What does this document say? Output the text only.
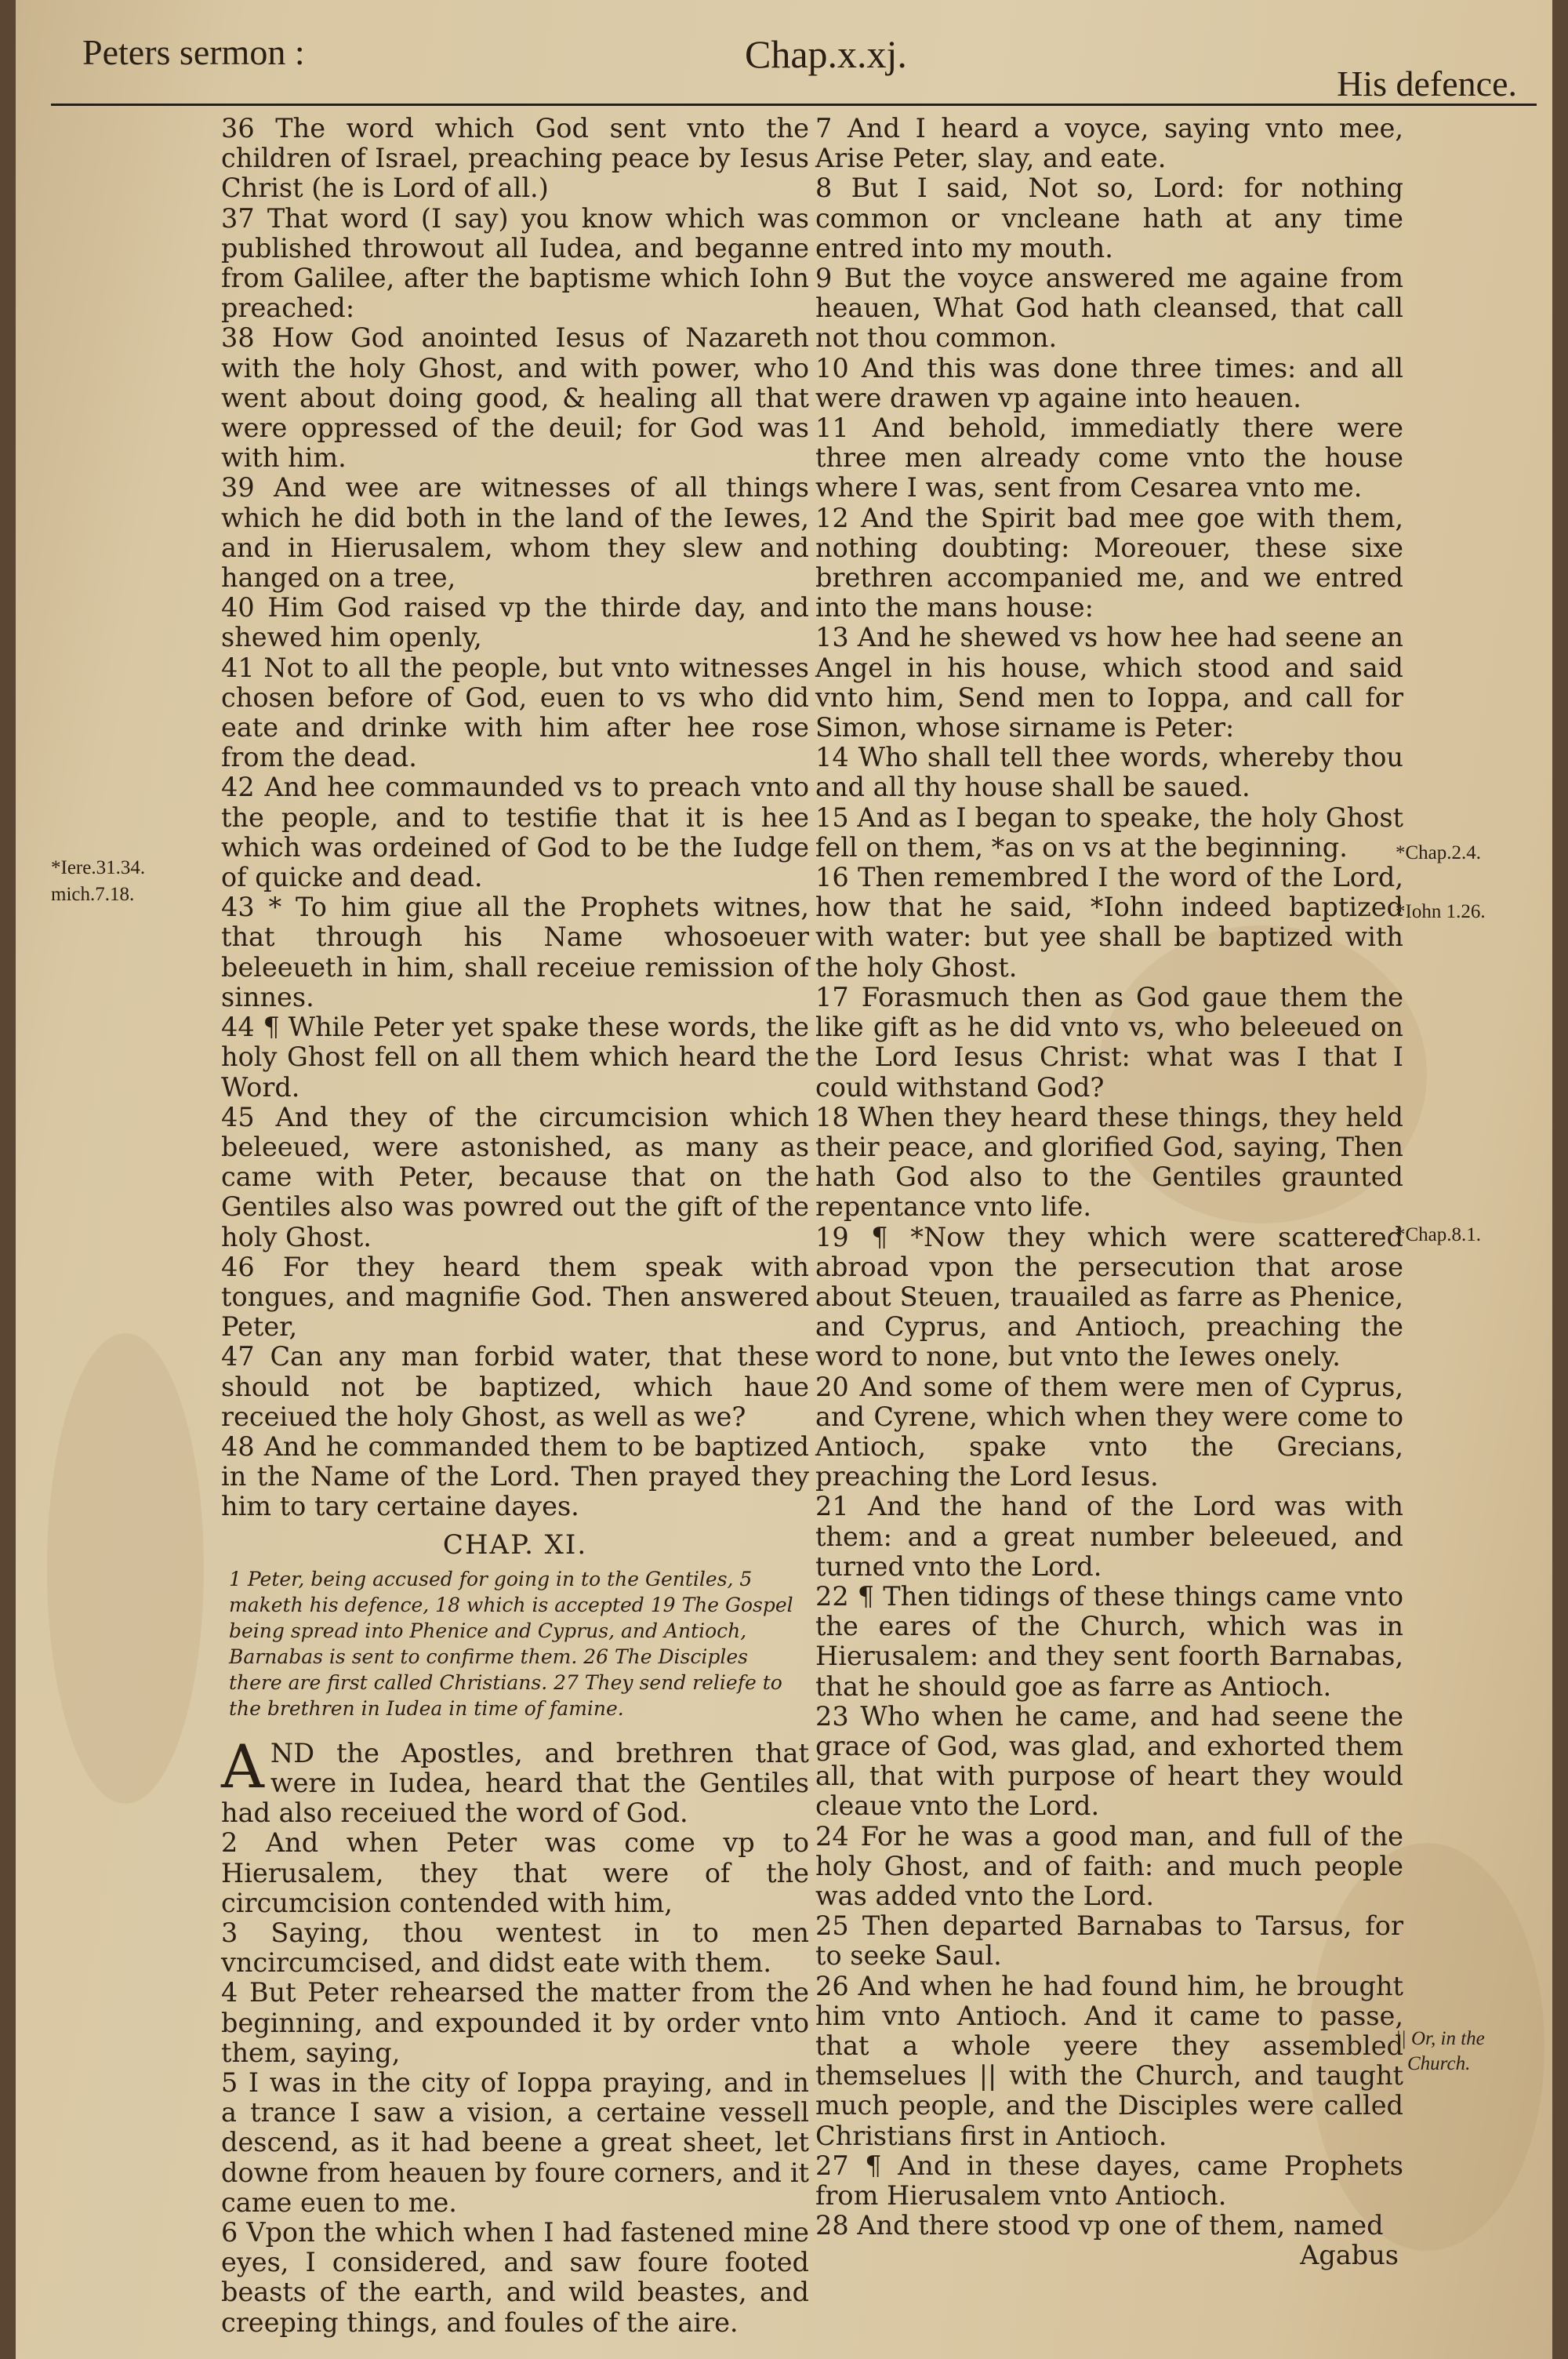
Peters sermon :	Chap.x.xj.
His defence.

36 The word which God sent vnto the children of Israel, preaching peace by Iesus Christ (he is Lord of all.)

37 That word (I say) you know which was published throwout all Iudea, and beganne from Galilee, after the baptisme which Iohn preached:

38 How God anointed Iesus of Nazareth with the holy Ghost, and with power, who went about doing good, & healing all that were oppressed of the deuil; for God was with him.

39 And wee are witnesses of all things which he did both in the land of the Iewes, and in Hierusalem, whom they slew and hanged on a tree,

40 Him God raised vp the thirde day, and shewed him openly,

41 Not to all the people, but vnto witnesses chosen before of God, euen to vs who did eate and drinke with him after hee rose from the dead.

42 And hee commaunded vs to preach vnto the people, and to testifie that it is hee which was ordeined of God to be the Iudge of quicke and dead.

43 * To him giue all the Prophets witnes, that through his Name whosoeuer beleeueth in him, shall receiue remission of sinnes.

44 ¶ While Peter yet spake these words, the holy Ghost fell on all them which heard the Word.

45 And they of the circumcision which beleeued, were astonished, as many as came with Peter, because that on the Gentiles also was powred out the gift of the holy Ghost.

46 For they heard them speak with tongues, and magnifie God. Then answered Peter,

47 Can any man forbid water, that these should not be baptized, which haue receiued the holy Ghost, as well as we?

48 And he commanded them to be baptized in the Name of the Lord. Then prayed they him to tary certaine dayes.

CHAP. XI.

1 Peter, being accused for going in to the Gentiles, 5 maketh his defence, 18 which is accepted 19 The Gospel being spread into Phenice and Cyprus, and Antioch, Barnabas is sent to confirme them. 26 The Disciples there are first called Christians. 27 They send reliefe to the brethren in Iudea in time of famine.

AND the Apostles, and brethren that were in Iudea, heard that the Gentiles had also receiued the word of God.

2 And when Peter was come vp to Hierusalem, they that were of the circumcision contended with him,

3 Saying, thou wentest in to men vncircumcised, and didst eate with them.

4 But Peter rehearsed the matter from the beginning, and expounded it by order vnto them, saying,

5 I was in the city of Ioppa praying, and in a trance I saw a vision, a certaine vessell descend, as it had beene a great sheet, let downe from heauen by foure corners, and it came euen to me.

6 Vpon the which when I had fastened mine eyes, I considered, and saw foure footed beasts of the earth, and wild beastes, and creeping things, and foules of the aire.

7 And I heard a voyce, saying vnto mee, Arise Peter, slay, and eate.

8 But I said, Not so, Lord: for nothing common or vncleane hath at any time entred into my mouth.

9 But the voyce answered me againe from heauen, What God hath cleansed, that call not thou common.

10 And this was done three times: and all were drawen vp againe into heauen.

11 And behold, immediatly there were three men already come vnto the house where I was, sent from Cesarea vnto me.

12 And the Spirit bad mee goe with them, nothing doubting: Moreouer, these sixe brethren accompanied me, and we entred into the mans house:

13 And he shewed vs how hee had seene an Angel in his house, which stood and said vnto him, Send men to Ioppa, and call for Simon, whose sirname is Peter:

14 Who shall tell thee words, whereby thou and all thy house shall be saued.

15 And as I began to speake, the holy Ghost fell on them, *as on vs at the beginning.

16 Then remembred I the word of the Lord, how that he said, *Iohn indeed baptized with water: but yee shall be baptized with the holy Ghost.

17 Forasmuch then as God gaue them the like gift as he did vnto vs, who beleeued on the Lord Iesus Christ: what was I that I could withstand God?

18 When they heard these things, they held their peace, and glorified God, saying, Then hath God also to the Gentiles graunted repentance vnto life.

19 ¶ *Now they which were scattered abroad vpon the persecution that arose about Steuen, trauailed as farre as Phenice, and Cyprus, and Antioch, preaching the word to none, but vnto the Iewes onely.

20 And some of them were men of Cyprus, and Cyrene, which when they were come to Antioch, spake vnto the Grecians, preaching the Lord Iesus.

21 And the hand of the Lord was with them: and a great number beleeued, and turned vnto the Lord.

22 ¶ Then tidings of these things came vnto the eares of the Church, which was in Hierusalem: and they sent foorth Barnabas, that he should goe as farre as Antioch.

23 Who when he came, and had seene the grace of God, was glad, and exhorted them all, that with purpose of heart they would cleaue vnto the Lord.

24 For he was a good man, and full of the holy Ghost, and of faith: and much people was added vnto the Lord.

25 Then departed Barnabas to Tarsus, for to seeke Saul.

26 And when he had found him, he brought him vnto Antioch. And it came to passe, that a whole yeere they assembled themselues || with the Church, and taught much people, and the Disciples were called Christians first in Antioch.

27 ¶ And in these dayes, came Prophets from Hierusalem vnto Antioch.

28 And there stood vp one of them, named

Agabus

*Iere.31.34.
mich.7.18.
*Chap.2.4.
*Iohn 1.26.
*Chap.8.1.
|| Or, in the
Church.
